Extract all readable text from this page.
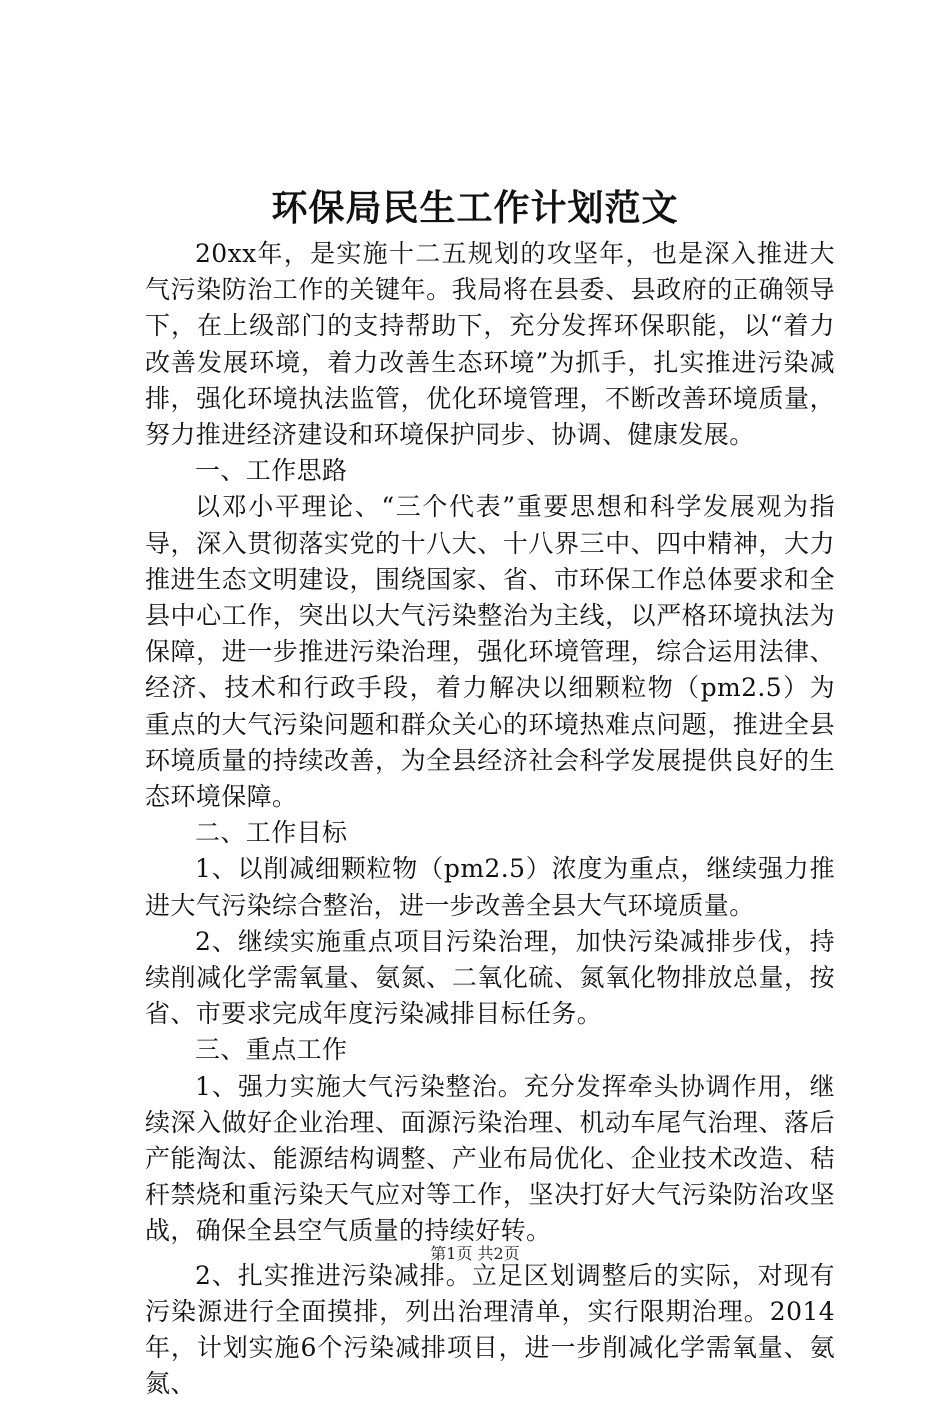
环保局民生工作计划范文

20xx年，是实施十二五规划的攻坚年，也是深入推进大气污染防治工作的关键年。我局将在县委、县政府的正确领导下，在上级部门的支持帮助下，充分发挥环保职能，以“着力改善发展环境，着力改善生态环境”为抓手，扎实推进污染减排，强化环境执法监管，优化环境管理，不断改善环境质量，努力推进经济建设和环境保护同步、协调、健康发展。

一、工作思路

以邓小平理论、“三个代表”重要思想和科学发展观为指导，深入贯彻落实党的十八大、十八界三中、四中精神，大力推进生态文明建设，围绕国家、省、市环保工作总体要求和全县中心工作，突出以大气污染整治为主线，以严格环境执法为保障，进一步推进污染治理，强化环境管理，综合运用法律、经济、技术和行政手段，着力解决以细颗粒物（pm2.5）为重点的大气污染问题和群众关心的环境热难点问题，推进全县环境质量的持续改善，为全县经济社会科学发展提供良好的生态环境保障。

二、工作目标

1、以削减细颗粒物（pm2.5）浓度为重点，继续强力推进大气污染综合整治，进一步改善全县大气环境质量。

2、继续实施重点项目污染治理，加快污染减排步伐，持续削减化学需氧量、氨氮、二氧化硫、氮氧化物排放总量，按省、市要求完成年度污染减排目标任务。

三、重点工作

1、强力实施大气污染整治。充分发挥牵头协调作用，继续深入做好企业治理、面源污染治理、机动车尾气治理、落后产能淘汰、能源结构调整、产业布局优化、企业技术改造、秸秆禁烧和重污染天气应对等工作，坚决打好大气污染防治攻坚战，确保全县空气质量的持续好转。

2、扎实推进污染减排。立足区划调整后的实际，对现有污染源进行全面摸排，列出治理清单，实行限期治理。2014年，计划实施6个污染减排项目，进一步削减化学需氧量、氨氮、

第1页 共2页
